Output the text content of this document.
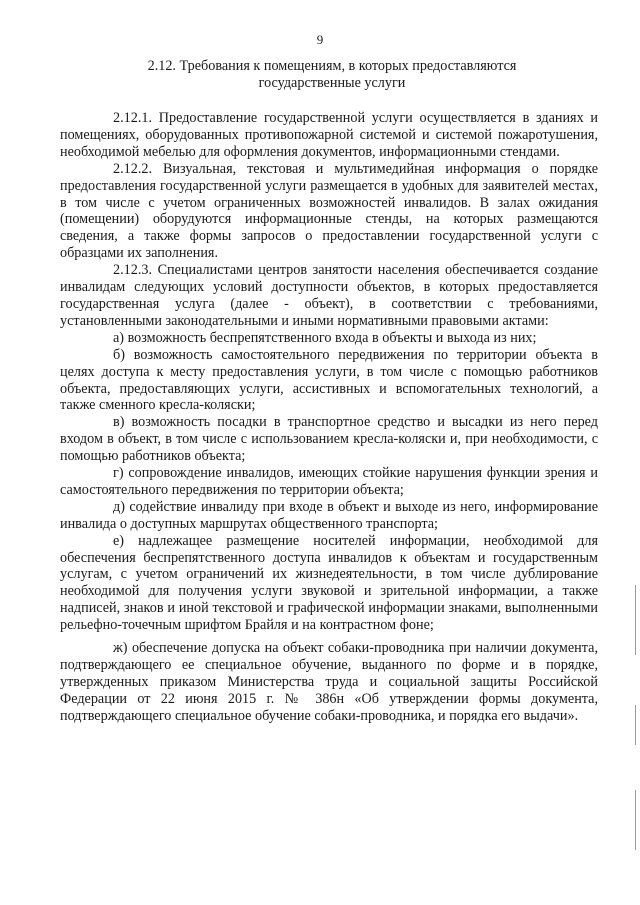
9
2.12. Требования к помещениям, в которых предоставляются
государственные услуги

2.12.1. Предоставление государственной услуги осуществляется в зданиях и помещениях, оборудованных противопожарной системой и системой пожаротушения, необходимой мебелью для оформления документов, информационными стендами.

2.12.2. Визуальная, текстовая и мультимедийная информация о порядке предоставления государственной услуги размещается в удобных для заявителей местах, в том числе с учетом ограниченных возможностей инвалидов. В залах ожидания (помещении) оборудуются информационные стенды, на которых размещаются сведения, а также формы запросов о предоставлении государственной услуги с образцами их заполнения.

2.12.3. Специалистами центров занятости населения обеспечивается создание инвалидам следующих условий доступности объектов, в которых предоставляется государственная услуга (далее - объект), в соответствии с требованиями, установленными законодательными и иными нормативными правовыми актами:

а) возможность беспрепятственного входа в объекты и выхода из них;

б) возможность самостоятельного передвижения по территории объекта в целях доступа к месту предоставления услуги, в том числе с помощью работников объекта, предоставляющих услуги, ассистивных и вспомогательных технологий, а также сменного кресла-коляски;

в) возможность посадки в транспортное средство и высадки из него перед входом в объект, в том числе с использованием кресла-коляски и, при необходимости, с помощью работников объекта;

г) сопровождение инвалидов, имеющих стойкие нарушения функции зрения и самостоятельного передвижения по территории объекта;

д) содействие инвалиду при входе в объект и выходе из него, информирование инвалида о доступных маршрутах общественного транспорта;

е) надлежащее размещение носителей информации, необходимой для обеспечения беспрепятственного доступа инвалидов к объектам и государственным услугам, с учетом ограничений их жизнедеятельности, в том числе дублирование необходимой для получения услуги звуковой и зрительной информации, а также надписей, знаков и иной текстовой и графической информации знаками, выполненными рельефно-точечным шрифтом Брайля и на контрастном фоне;

ж) обеспечение допуска на объект собаки-проводника при наличии документа, подтверждающего ее специальное обучение, выданного по форме и в порядке, утвержденных приказом Министерства труда и социальной защиты Российской Федерации от 22 июня 2015 г. № 386н «Об утверждении формы документа, подтверждающего специальное обучение собаки-проводника, и порядка его выдачи».
